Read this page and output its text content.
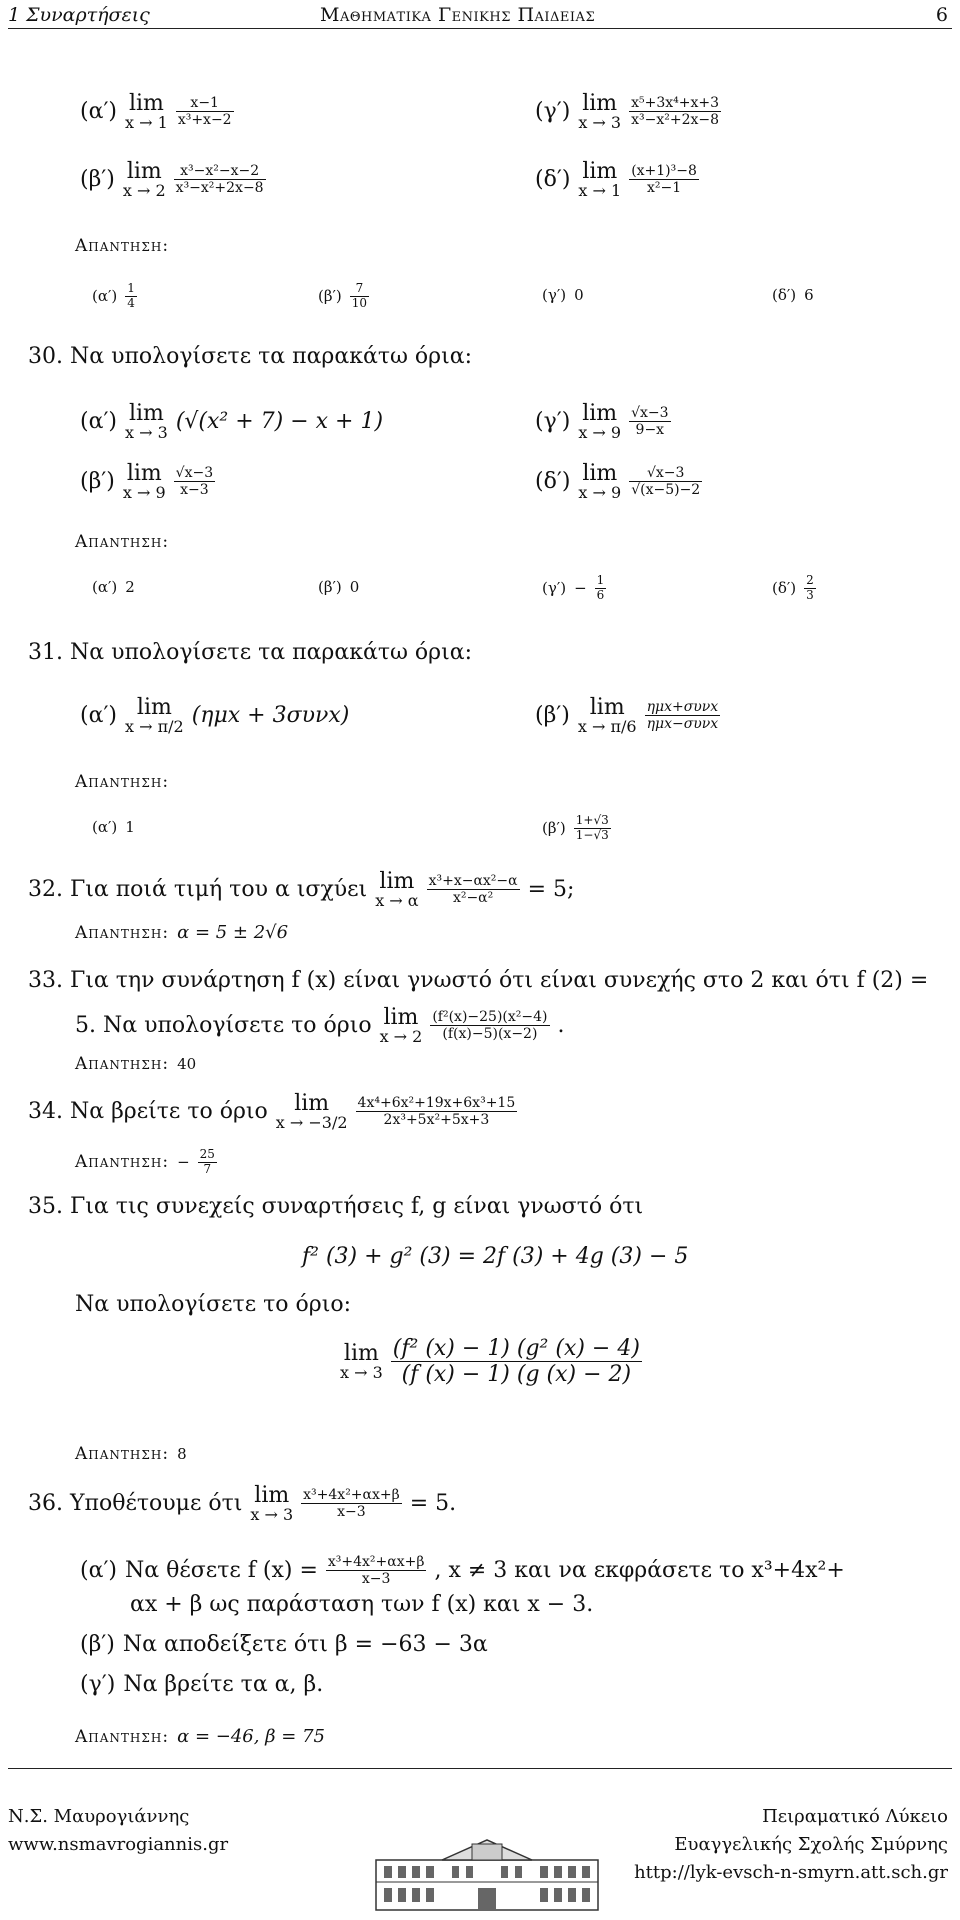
1 Συναρτήσεις	Μαθηματικα Γενικης Παιδειας	6
(α′) lim
$x \to 1 \frac{x-1}{\text{x³+x−2}}$
(β′) lim
$x \to 2 \frac{\text{x³−x²−x−2}}{\text{x³−x²+2x−8}}$
(γ′) lim
$x \to 3 \frac{\text{x⁵+3x⁴+x+3}}{\text{x³−x²+2x−8}}$
(δ′) lim
$x \to 1 \frac{\text{(x+1)³−8}}{\text{x²−1}}$
Απαντηση:
$(\alpha') \frac{1}{4}$	$(\beta') \frac{7}{10}$	(γ′) 0	(δ′) 6
30. Να υπολογίσετε τα παρακάτω όρια:
(α′) lim
x → 3 (√(x² + 7) − x + 1)
(β′) lim
$x \to 9 \frac{√x-3}{x-3}$
(γ′) lim
$x \to 9 \frac{√x-3}{9-x}$
(δ′) lim
$x \to 9 \frac{√x-3}{√(x-5)-2}$
Απαντηση:
(α′) 2	(β′) 0	$(\gamma') - \frac{1}{6}$	$(\delta') \frac{2}{3}$
31. Να υπολογίσετε τα παρακάτω όρια:
(α′) lim
x → π/2 (ημx + 3συνx)	(β′) lim
$x \to \pi/6 \frac{\text{ημx+συνx}}{\text{ημx−συνx}}$
Απαντηση:
(α′) 1	$(\beta') \frac{1+√3}{1-√3}$
32. Για ποιά τιμή του α ισχύει lim
x → α $\frac{\text{x³+x−αx²−α}}{\text{x²−α²}} = 5$;
Απαντηση: α = 5 ± 2√6
33. Για την συνάρτηση f (x) είναι γνωστό ότι είναι συνεχής στο 2 και ότι f (2) =
5. Να υπολογίσετε το όριο lim
$x \to 2 \frac{\text{(f²(x)−25)(x²−4)}}{(f(x)-5)(x-2)}$ .
Απαντηση: 40
34. Να βρείτε το όριο	lim
$x \to -3/2 \frac{\text{4x⁴+6x²+19x+6x³+15}}{\text{2x³+5x²+5x+3}}$
Απαντηση: − $\frac{25}{7}$
35. Για τις συνεχείς συναρτήσεις f, g είναι γνωστό ότι
f² (3) + g² (3) = 2f (3) + 4g (3) − 5
Να υπολογίσετε το όριο:
lim
$x \to 3 \frac{\text{(f² (x) − 1) (g² (x) − 4)}}{(f (x) - 1) (g (x) - 2)}$
Απαντηση: 8
36. Υποθέτουμε ότι lim
$x \to 3 \frac{\text{x³+4x²+αx+β}}{x-3} = 5$.
(α′) Να θέσετε f $(x) = \frac{\text{x³+4x²+αx+β}}{x-3}$ , x ≠ 3 και να εκφράσετε το x³+4x²+
αx + β ως παράσταση των f (x) και x − 3.
(β′) Να αποδείξετε ότι β = −63 − 3α
(γ′) Να βρείτε τα α, β.
Απαντηση: α = −46, β = 75
Ν.Σ. Μαυρογιάννης
www.nsmavrogiannis.gr
Πειραματικό Λύκειο
Ευαγγελικής Σχολής Σμύρνης
http://lyk-evsch-n-smyrn.att.sch.gr
